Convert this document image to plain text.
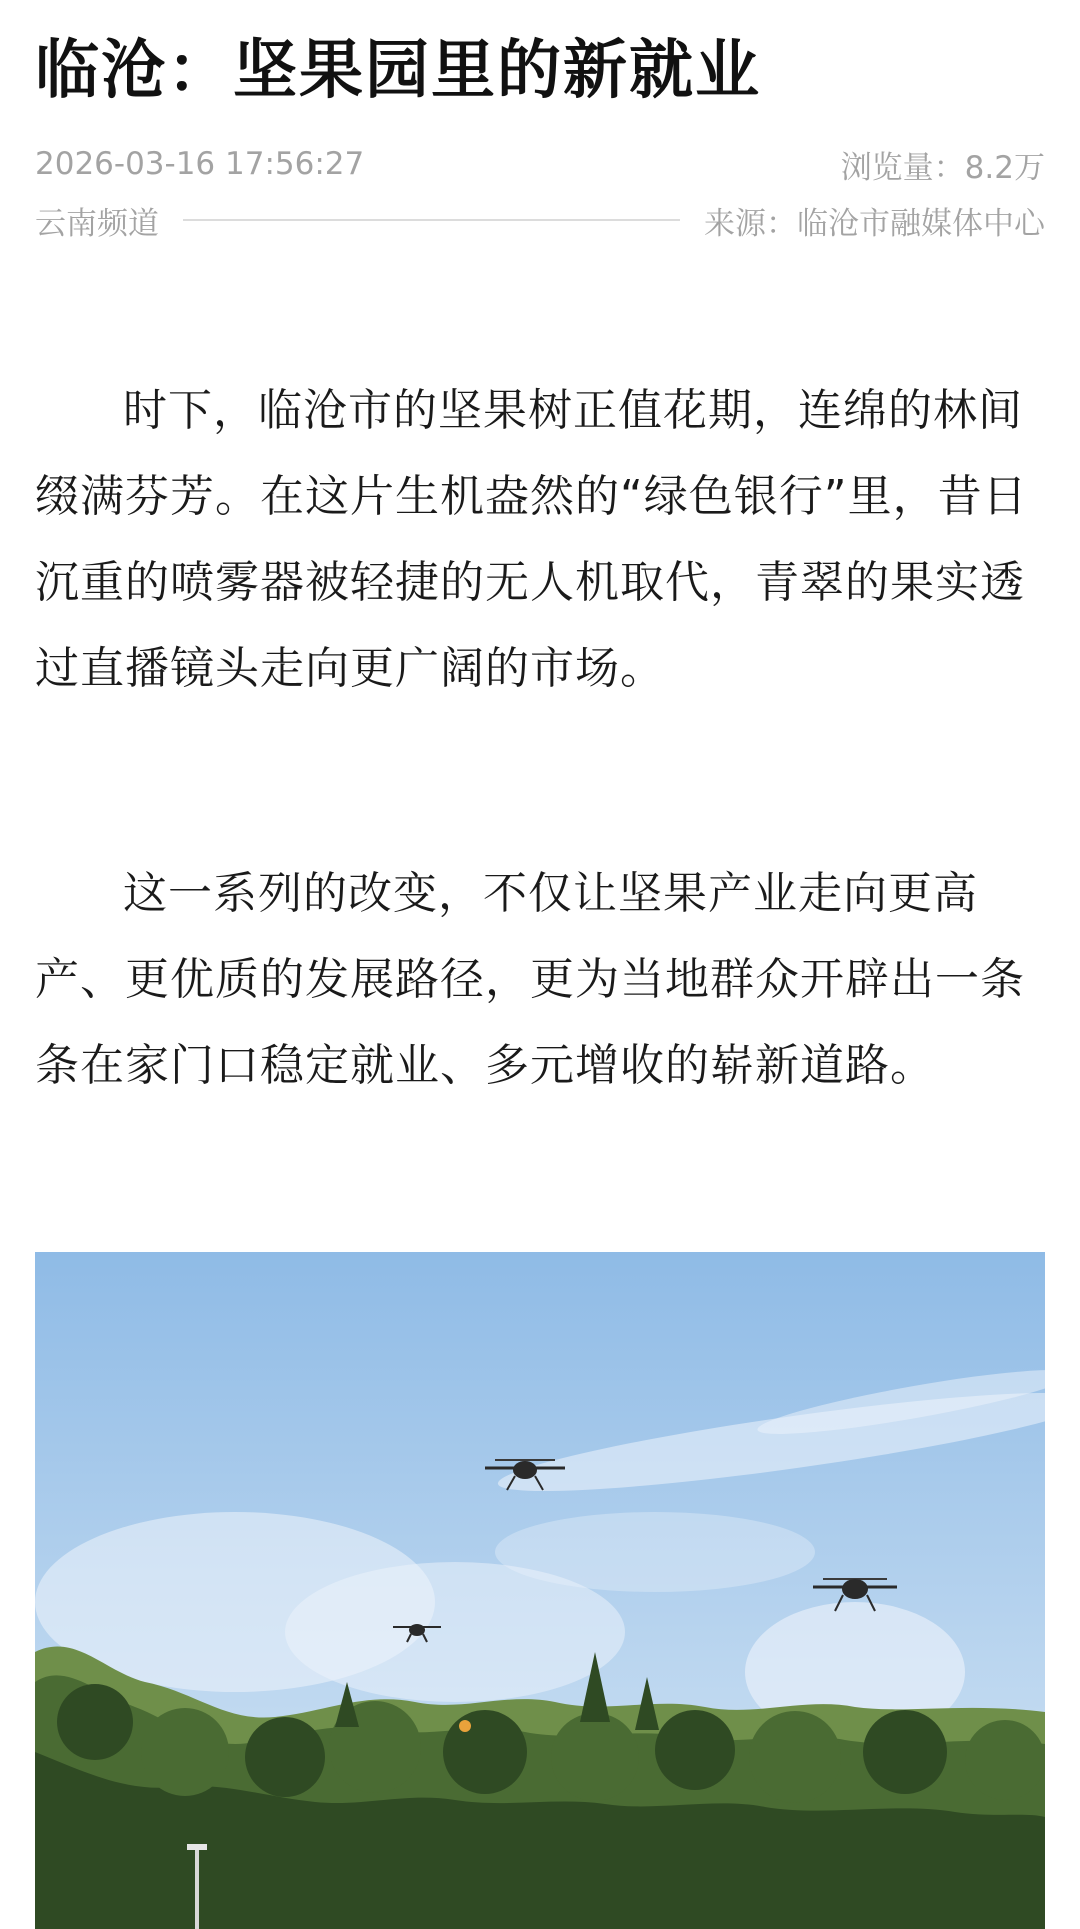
临沧：坚果园里的新就业
2026-03-16 17:56:27	浏览量：8.2万
云南频道	来源：临沧市融媒体中心

时下，临沧市的坚果树正值花期，连绵的林间缀满芬芳。在这片生机盎然的“绿色银行”里，昔日沉重的喷雾器被轻捷的无人机取代，青翠的果实透过直播镜头走向更广阔的市场。

这一系列的改变，不仅让坚果产业走向更高产、更优质的发展路径，更为当地群众开辟出一条条在家门口稳定就业、多元增收的崭新道路。
